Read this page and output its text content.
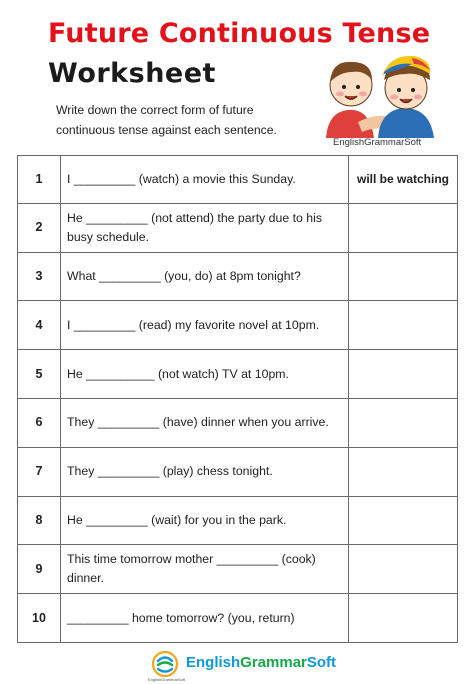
Future Continuous Tense
Worksheet
Write down the correct form of future continuous tense against each sentence.
EnglishGrammarSoft
1	I _________ (watch) a movie this Sunday.	will be watching
2	He _________ (not attend) the party due to his busy schedule.	
3	What _________ (you, do) at 8pm tonight?	
4	I _________ (read) my favorite novel at 10pm.	
5	He __________ (not watch) TV at 10pm.	
6	They _________ (have) dinner when you arrive.	
7	They _________ (play) chess tonight.	
8	He _________ (wait) for you in the park.	
9	This time tomorrow mother _________ (cook) dinner.	
10	_________ home tomorrow? (you, return)	
EnglishGrammarSoft
EnglishGrammarSoft
